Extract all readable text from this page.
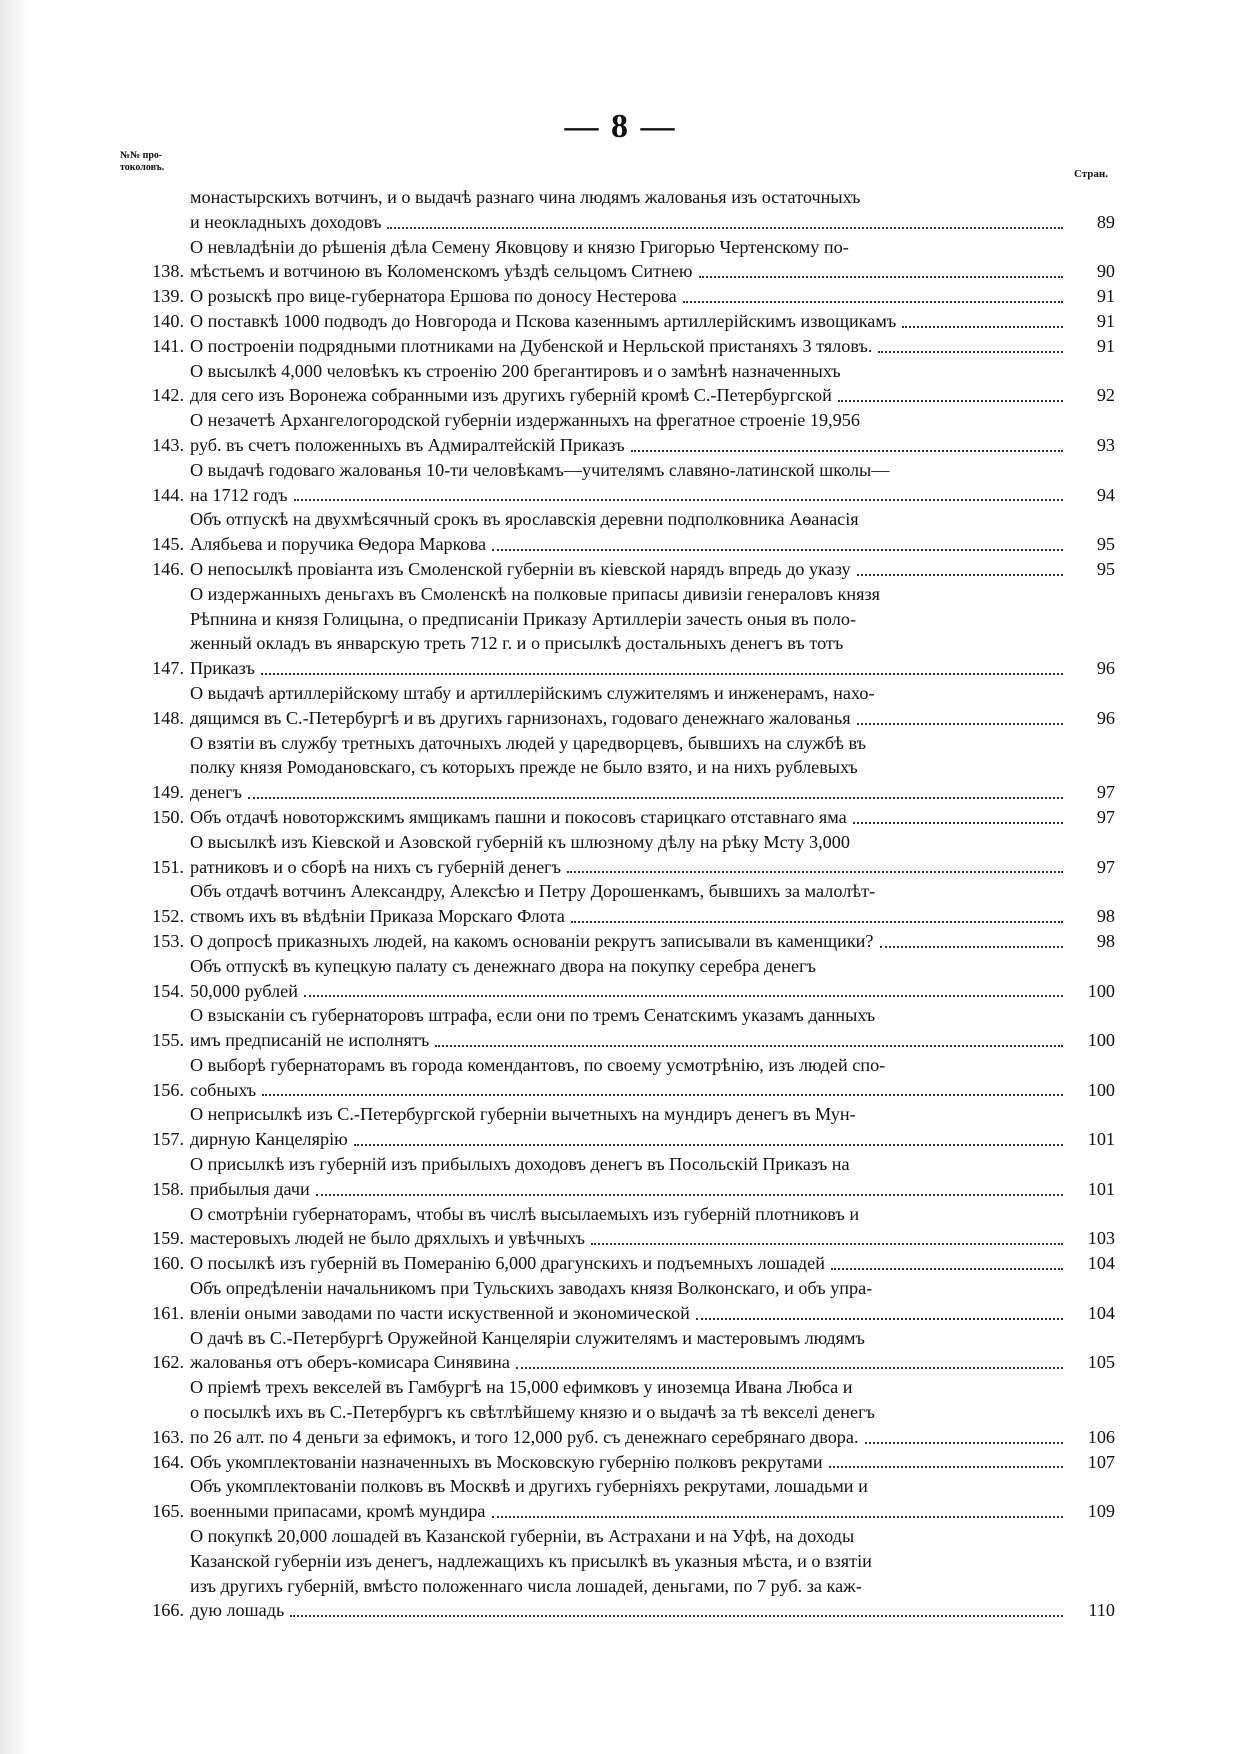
— 8 —
№№ про-
токоловъ.
Стран.
монастырскихъ вотчинъ, и о выдачѣ разнаго чина людямъ жалованья изъ остаточныхъ
и неокладныхъ доходовъ	89
138.
О невладѣніи до рѣшенія дѣла Семену Яковцову и князю Григорью Чертенскому по-
мѣстьемъ и вотчиною въ Коломенскомъ уѣздѣ сельцомъ Ситнею	90
139. О розыскѣ про вице-губернатора Ершова по доносу Нестерова	91
140. О поставкѣ 1000 подводъ до Новгорода и Пскова казеннымъ артиллерійскимъ извощикамъ	91
141. О построеніи подрядными плотниками на Дубенской и Нерльской пристаняхъ 3 тяловъ.	91
142.
О высылкѣ 4,000 человѣкъ къ строенію 200 брегантировъ и о замѣнѣ назначенныхъ
для сего изъ Воронежа собранными изъ другихъ губерній кромѣ С.-Петербургской	92
143.
О незачетѣ Архангелогородской губерніи издержанныхъ на фрегатное строеніе 19,956
руб. въ счетъ положенныхъ въ Адмиралтейскій Приказъ	93
144.
О выдачѣ годоваго жалованья 10-ти человѣкамъ—учителямъ славяно-латинской школы—
на 1712 годъ	94
145.
Объ отпускѣ на двухмѣсячный срокъ въ ярославскія деревни подполковника Аѳанасія
Алябьева и поручика Ѳедора Маркова	95
146. О непосылкѣ провіанта изъ Смоленской губерніи въ кіевской нарядъ впредь до указу	95
147.
О издержанныхъ деньгахъ въ Смоленскѣ на полковые припасы дивизіи генераловъ князя
Рѣпнина и князя Голицына, о предписаніи Приказу Артиллеріи зачесть оныя въ поло-
женный окладъ въ январскую треть 712 г. и о присылкѣ достальныхъ денегъ въ тотъ
Приказъ	96
148.
О выдачѣ артиллерійскому штабу и артиллерійскимъ служителямъ и инженерамъ, нахо-
дящимся въ С.-Петербургѣ и въ другихъ гарнизонахъ, годоваго денежнаго жалованья	96
149.
О взятіи въ службу третныхъ даточныхъ людей у царедворцевъ, бывшихъ на службѣ въ
полку князя Ромодановскаго, съ которыхъ прежде не было взято, и на нихъ рублевыхъ
денегъ	97
150. Объ отдачѣ новоторжскимъ ямщикамъ пашни и покосовъ старицкаго отставнаго яма	97
151.
О высылкѣ изъ Кіевской и Азовской губерній къ шлюзному дѣлу на рѣку Мсту 3,000
ратниковъ и о сборѣ на нихъ съ губерній денегъ	97
152.
Объ отдачѣ вотчинъ Александру, Алексѣю и Петру Дорошенкамъ, бывшихъ за малолѣт-
ствомъ ихъ въ вѣдѣніи Приказа Морскаго Флота	98
153. О допросѣ приказныхъ людей, на какомъ основаніи рекрутъ записывали въ каменщики?	98
154.
Объ отпускѣ въ купецкую палату съ денежнаго двора на покупку серебра денегъ
50,000 рублей	100
155.
О взысканіи съ губернаторовъ штрафа, если они по тремъ Сенатскимъ указамъ данныхъ
имъ предписаній не исполнятъ	100
156.
О выборѣ губернаторамъ въ города комендантовъ, по своему усмотрѣнію, изъ людей спо-
собныхъ	100
157.
О неприсылкѣ изъ С.-Петербургской губерніи вычетныхъ на мундиръ денегъ въ Мун-
дирную Канцелярію	101
158.
О присылкѣ изъ губерній изъ прибылыхъ доходовъ денегъ въ Посольскій Приказъ на
прибылыя дачи	101
159.
О смотрѣніи губернаторамъ, чтобы въ числѣ высылаемыхъ изъ губерній плотниковъ и
мастеровыхъ людей не было дряхлыхъ и увѣчныхъ	103
160. О посылкѣ изъ губерній въ Померанію 6,000 драгунскихъ и подъемныхъ лошадей	104
161.
Объ опредѣленіи начальникомъ при Тульскихъ заводахъ князя Волконскаго, и объ упра-
вленіи оными заводами по части искуственной и экономической	104
162.
О дачѣ въ С.-Петербургѣ Оружейной Канцеляріи служителямъ и мастеровымъ людямъ
жалованья отъ оберъ-комисара Синявина	105
163.
О пріемѣ трехъ векселей въ Гамбургѣ на 15,000 ефимковъ у иноземца Ивана Любса и
о посылкѣ ихъ въ С.-Петербургъ къ свѣтлѣйшему князю и о выдачѣ за тѣ векселі денегъ
по 26 алт. по 4 деньги за ефимокъ, и того 12,000 руб. съ денежнаго серебрянаго двора.	106
164. Объ укомплектованіи назначенныхъ въ Московскую губернію полковъ рекрутами	107
165.
Объ укомплектованіи полковъ въ Москвѣ и другихъ губерніяхъ рекрутами, лошадьми и
военными припасами, кромѣ мундира	109
166.
О покупкѣ 20,000 лошадей въ Казанской губерніи, въ Астрахани и на Уфѣ, на доходы
Казанской губерніи изъ денегъ, надлежащихъ къ присылкѣ въ указныя мѣста, и о взятіи
изъ другихъ губерній, вмѣсто положеннаго числа лошадей, деньгами, по 7 руб. за каж-
дую лошадь	110
